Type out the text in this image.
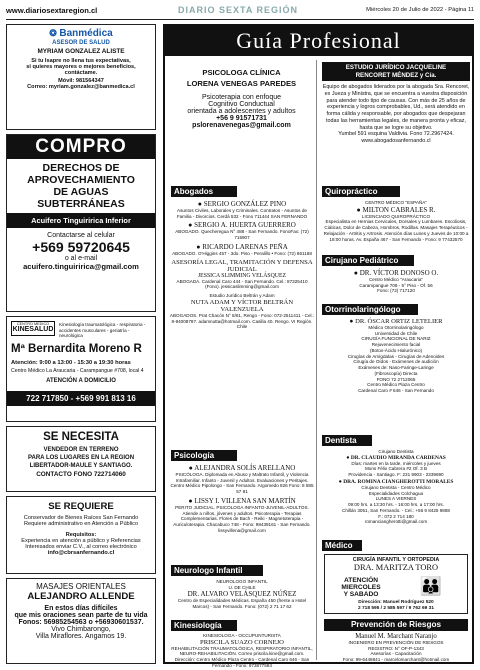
www.diariosextaregion.cl	DIARIO SEXTA REGIÓN	Miércoles 20 de Julio de 2022 - Página 11
❂ Banmédica
ASESOR DE SALUD
MYRIAM GONZALEZ ALISTE
Si tu Isapre no llena tus expectativas,
si quieres mayores o mejores beneficios,
contáctame.
Móvil: 981564347
Correo: myriam.gonzalez@banmedica.cl
COMPRO
DERECHOS DE
APROVECHAMIENTO
DE AGUAS
SUBTERRÁNEAS
Acuifero Tinguiririca Inferior
Contactarse al celular
+569 59720645
o al e-mail
acuifero.tinguiririca@gmail.com
CENTRO MEDICO
KINESALUD
Kinesiología traumatológica - respiratoria - accidentes musculares - geriatría - neurológica
Mª Bernardita Moreno R
Atención: 9:00 a 13:00 - 15:30 a 19:30 horas
Centro Médico La Araucaria - Carampangue #708, local 4
ATENCIÓN A DOMICILIO
722 717850 - +569 991 813 16
SE NECESITA
VENDEDOR EN TERRENO
PARA LOS LUGARES EN LA REGION
LIBERTADOR-MAULE Y SANTIAGO.
CONTACTO FONO 722714060
SE REQUIERE
Conservador de Bienes Raíces San Fernando
Requiere administrativo en Atención a Público
Requisitos:
Experiencia en atención a público y Referencias
Interesados enviar C.V., al correo electrónico
info@cbrsanfernando.cl
MASAJES ORIENTALES
ALEJANDRO ALLENDE
En estos días difíciles
que mis oraciones sean parte de tu vida
Fonos: 56985254563 o +56930601537.
Vivo Chimbarongo,
Villa Miraflores. Angamos 19.
Guía Profesional
PSICOLOGA CLÍNICA
LORENA VENEGAS PAREDES
Psicoterapia con enfoque
Cognitivo Conductual
orientada a adolescentes y adultos
+56 9 91571731
pslorenavenegas@gmail.com
Abogados
● SERGIO GONZÁLEZ PINO
Asuntos Civiles, Laborales y Criminales. Contratos - Asuntos de Familia - Divorcios. Cerdá 532 - Fono 711444 SAN FERNANDO
● SERGIO A. HUERTA GUERRERO
ABOGADO. Quecheregua N° 488 - San Fernando. FonoFax: (72) 715907
● RICARDO LARENAS PEÑA
ABOGADO. O'Higgins 457 - 3do. Piso - Peralillo • Fono: (72) 861168
ASESORÍA LEGAL, TRAMITACIÓN Y DEFENSA JUDICIAL
JESSICA SLIMMING VELÁSQUEZ
ABOGADA. Cardenal Caro 444 - San Fernando. Cel.: 87325410 (Fono). jessicaslimming@gmail.com
Estudio Jurídico Beltrán y Adam
NUTA ADAM Y VÍCTOR BELTRÁN VALENZUELA
ABOGADOS. Prat Chacón N° 8/61, Rengo - Fono: 072-2511411 - Cel.: 9-94008787. adamnutta@hotmail.com. Casilla 40. Rengo. VI Región. Chile
Psicología
● ALEJANDRA SOLÍS ARELLANO
PSICÓLOGA. Diplomada en Abuso y Maltrato Infantil, y Violencia Intrafamiliar. Infanto - Juvenil y Adultos. Evaluaciones y Peritajes. Centro Médico Pipolongo - San Fernando. Argomedo 826 Fono: 8 585 57 81
● LISSY I. VILLENA SAN MARTÍN
PERITO JUDICIAL. PSICOLOGA INFANTO-JUVENIL-ADULTOS. Atiende a niños, jóvenes y adultos. Psicoterapia - Terapias Complementarias. Flores de Bach - Reiki - Magnetoterapia - Auriculoterapia. Chacabuco 748 - Fono: 98439161 - San Fernando. lissyvillena@gmail.com
Neurologo Infantil
NEUROLOGO INFANTIL
U. DE CHILE
DR. ALVARO VELÁSQUEZ NÚÑEZ
Centro de Especialidades Médicas. España 450 (frente a Hotel Marcos) - San Fernando. Fono: (072) 2 71 17 62
Kinesiología
KINESIOLOGA - OCCUPUNTURISTA
PRISCILA SUAZO CORNEJO
REHABILITACIÓN TRAUMATOLÓGICA, RESPIRATORIO INFANTIL, NEURO-REHABILITACIÓN. Correo priscila.kine@gmail.com. Dirección: Centro Médico Plaza Centro - Cardenal Caro 646 - San Fernando - Fono: 973877584
ESTUDIO JURÍDICO JACQUELINE
RENCORET MÉNDEZ y Cía.
Equipo de abogados liderados por la abogada Sra. Rencoret, ex Jueza y Ministra, que se encuentra a vuestra disposición para atender todo tipo de causas. Con más de 25 años de experiencia y logros comprobables, Ud., será atendido en forma cálida y responsable, por abogados que despejaran todas las herramientas legales, de manera pronta y eficaz, hasta que se logre su objetivo.
Yumbel 591 esquina Valdivia. Fono 72.2967424.
www.abogadosanfernando.cl
Quiropráctico
CENTRO MÉDICO "ESPAÑA"
● MILTON CABRALES R.
LICENCIADO QUIROPRÁCTICO
Especialista en Hernias Cervicales, Dorsales y Lumbares. Escoliosis, Ciáticas, Dolor de Cabeza, Hombros, Rodillas. Masajes Terapéuticos - Relajación - Artritis y Artrosis. Atención días Lunes y Jueves de 10:00 a 18:00 horas. Av. España 467 - San Fernando - Fono: 9 77432570
Cirujano Pediátrico
● DR. VÍCTOR DONOSO O.
Centro Médico "Araucaria"
Carampangue 708 - 5° Piso - Of. 56
Fono: (72) 717120
Otorrinolaringólogo
● DR. ÓSCAR ORTIZ LETELIER
Médico Otorrinolaringólogo
Universidad de Chile
CIRUGÍA FUNCIONAL DE NARIZ
Rejuvenecimiento facial
(Botox-Ácido Hialurónico)
Cirugías de Amígdalas - Cirugías de Adenoides
Cirugía de Oídos - Exámenes de audición
Exámenes de: Naso-Faringe-Laringe
(Fibroscopía) Directa
FONO 72 2712065
Centro Médico Plaza Centro
Cardenal Caro # 646 - San Fernando
Dentista
Cirujano Dentista
● DR. CLAUDIO MIRANDA CARDENAS
Días: martes en la tarde, miércoles y jueves
Mons Félix Cabrera #2 Of. 3 B
Providencia - Santiago. F: 231 9903 - 2339690
● DRA. ROMINA CIANGHEROTTI MORALES
Cirujano Dentista - Centro Médico
Especialidades Colchagua
LUNES A VIERNES
09:00 hrs. a 13:30 hrs. - 16:00 hrs. a 17:00 hrs.
Chillán 3051, San Fernando. - Cel.: +56 9 8425 9888
F.: 072 2 714 180
romanciangherotti@gmail.com
Médico
CIRUGÍA INFANTIL Y ORTOPEDIA
DRA. MARITZA TORO
ATENCIÓN
MIERCOLES
Y SABADO	👪
Dirección: Manuel Rodríguez 520
2 718 595 / 2 585 597 / 9 762 69 31
Prevención de Riesgos
Manuel M. Marchant Naranjo
INGENIERO EN PREVENCIÓN DE RIESGOS
REGISTRO: N° OF-P-1343
Asesorías - Capacitación
Fono: 99-6448841 - marcelomarchant@hotmail.com
